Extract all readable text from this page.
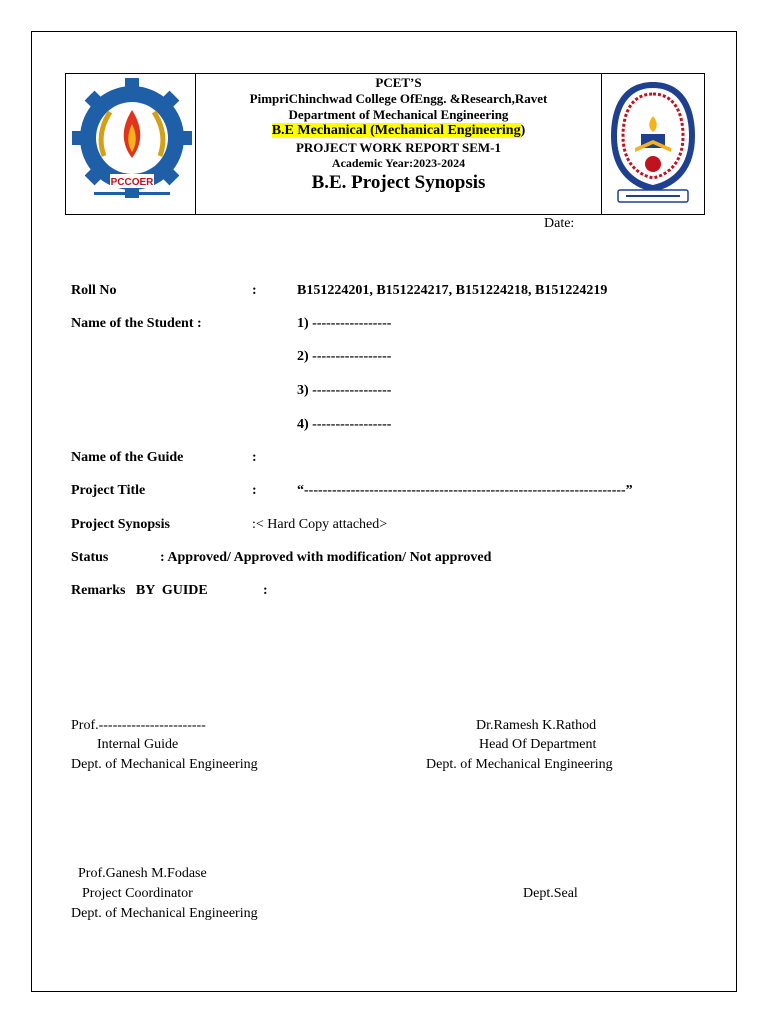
PCCOER
PCET’S
PimpriChinchwad College OfEngg. &Research,Ravet
Department of Mechanical Engineering
B.E Mechanical (Mechanical Engineering)
PROJECT WORK REPORT SEM-1
Academic Year:2023-2024
B.E. Project Synopsis
Date:
Roll No	:	B151224201, B151224217, B151224218, B151224219
Name of the Student :	1) -----------------
2) -----------------
3) -----------------
4) -----------------
Name of the Guide	:
Project Title	:	“---------------------------------------------------------------------”
Project Synopsis	:< Hard Copy attached>
Status	: Approved/ Approved with modification/ Not approved
Remarks   BY  GUIDE	:
Prof.-----------------------
Internal Guide
Dept. of Mechanical Engineering
Dr.Ramesh K.Rathod
Head Of Department
Dept. of Mechanical Engineering
Prof.Ganesh M.Fodase
Project Coordinator
Dept. of Mechanical Engineering
Dept.Seal
